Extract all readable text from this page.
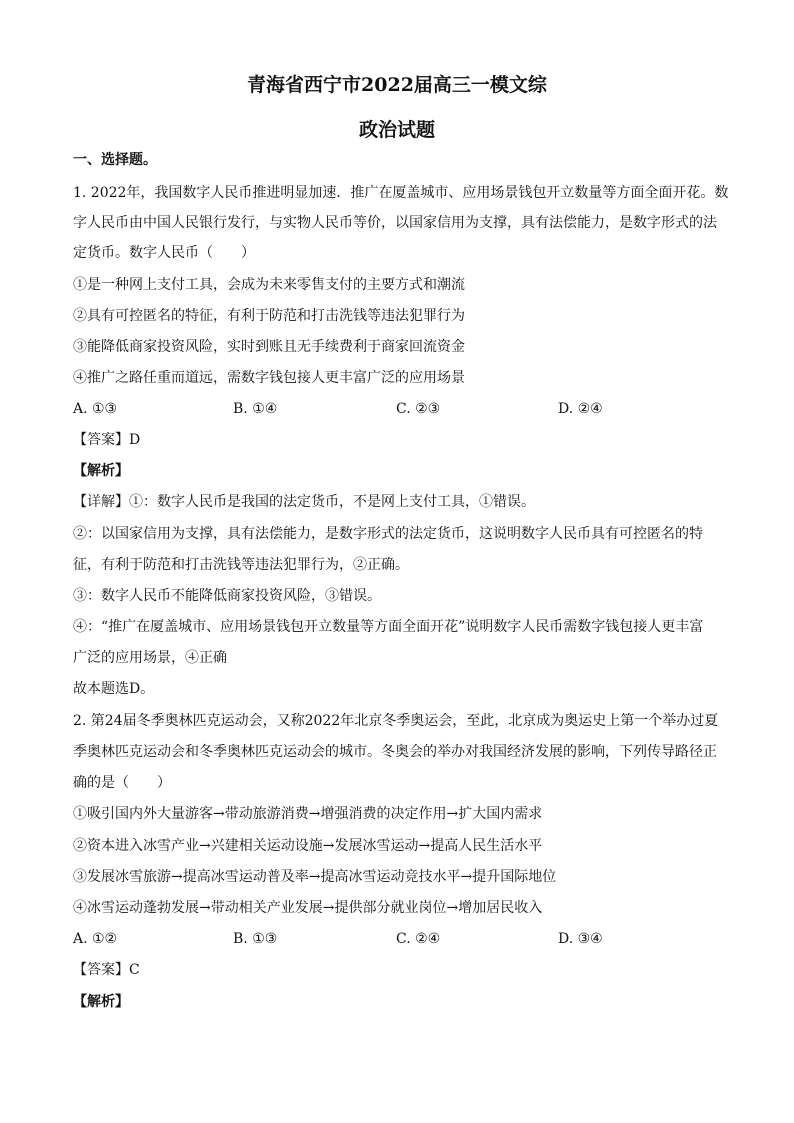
青海省西宁市2022届高三一模文综
政治试题
一、选择题。
1. 2022年，我国数字人民币推进明显加速．推广在厦盖城市、应用场景钱包开立数量等方面全面开花。数
字人民币由中国人民银行发行，与实物人民币等价，以国家信用为支撑，具有法偿能力，是数字形式的法
定货币。数字人民币（　　）
①是一种网上支付工具，会成为未来零售支付的主要方式和潮流
②具有可控匿名的特征，有利于防范和打击洗钱等违法犯罪行为
③能降低商家投资风险，实时到账且无手续费利于商家回流资金
④推广之路任重而道远，需数字钱包接人更丰富广泛的应用场景
A. ①③	B. ①④	C. ②③	D. ②④
【答案】D
【解析】
【详解】①：数字人民币是我国的法定货币，不是网上支付工具，①错误。
②：以国家信用为支撑，具有法偿能力，是数字形式的法定货币，这说明数字人民币具有可控匿名的特
征，有利于防范和打击洗钱等违法犯罪行为，②正确。
③：数字人民币不能降低商家投资风险，③错误。
④：“推广在厦盖城市、应用场景钱包开立数量等方面全面开花”说明数字人民币需数字钱包接人更丰富
广泛的应用场景，④正确
故本题选D。
2. 第24届冬季奥林匹克运动会，又称2022年北京冬季奥运会，至此，北京成为奥运史上第一个举办过夏
季奥林匹克运动会和冬季奥林匹克运动会的城市。冬奥会的举办对我国经济发展的影响，下列传导路径正
确的是（　　）
①吸引国内外大量游客→带动旅游消费→增强消费的决定作用→扩大国内需求
②资本进入冰雪产业→兴建相关运动设施→发展冰雪运动→提高人民生活水平
③发展冰雪旅游→提高冰雪运动普及率→提高冰雪运动竞技水平→提升国际地位
④冰雪运动蓬勃发展→带动相关产业发展→提供部分就业岗位→增加居民收入
A. ①②	B. ①③	C. ②④	D. ③④
【答案】C
【解析】
